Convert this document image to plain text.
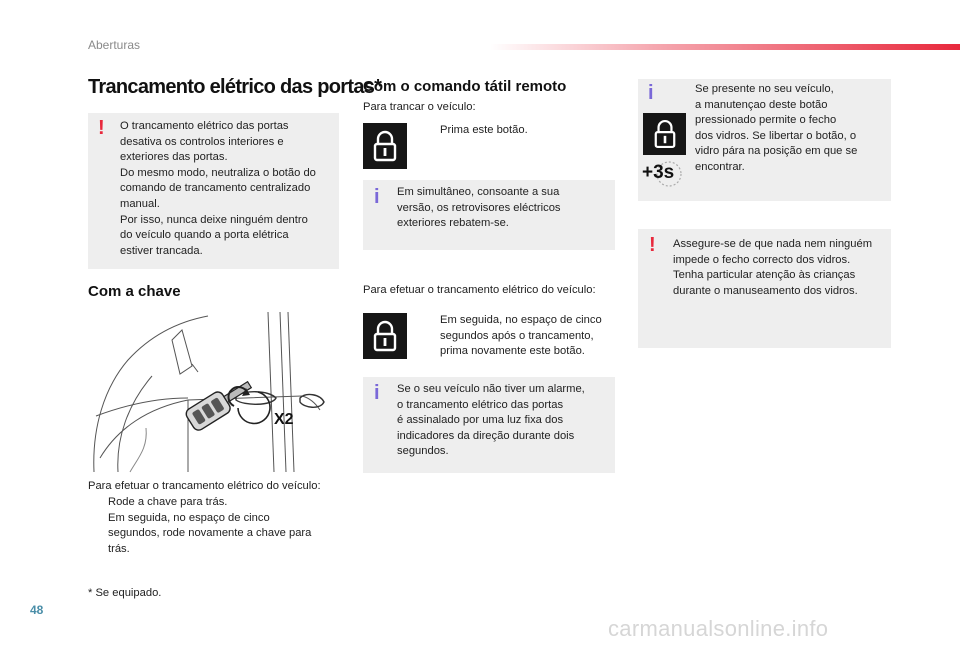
Aberturas
Trancamento elétrico das portas*
! O trancamento elétrico das portas
desativa os controlos interiores e
exteriores das portas.
Do mesmo modo, neutraliza o botão do
comando de trancamento centralizado
manual.
Por isso, nunca deixe ninguém dentro
do veículo quando a porta elétrica
estiver trancada.
Com a chave
X2
Para efetuar o trancamento elétrico do veículo:
Rode a chave para trás.
Em seguida, no espaço de cinco
segundos, rode novamente a chave para
trás.
* Se equipado.
Com o comando tátil remoto
Para trancar o veículo:
Prima este botão.
i Em simultâneo, consoante a sua
versão, os retrovisores eléctricos
exteriores rebatem-se.
Para efetuar o trancamento elétrico do veículo:
Em seguida, no espaço de cinco
segundos após o trancamento,
prima novamente este botão.
i Se o seu veículo não tiver um alarme,
o trancamento elétrico das portas
é assinalado por uma luz fixa dos
indicadores da direção durante dois
segundos.
i
+3s
Se presente no seu veículo,
a manutençao deste botão
pressionado permite o fecho
dos vidros. Se libertar o botão, o
vidro pára na posição em que se
encontrar.
! Assegure-se de que nada nem ninguém
impede o fecho correcto dos vidros.
Tenha particular atenção às crianças
durante o manuseamento dos vidros.
48
carmanualsonline.info
